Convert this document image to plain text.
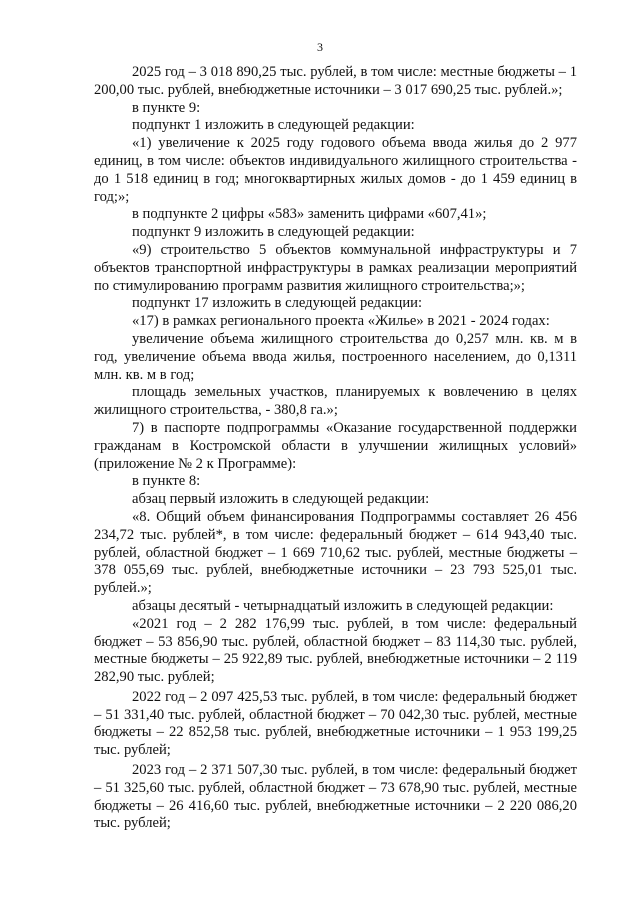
3

2025 год – 3 018 890,25 тыс. рублей, в том числе: местные бюджеты – 1 200,00 тыс. рублей, внебюджетные источники – 3 017 690,25 тыс. рублей.»;

в пункте 9:

подпункт 1 изложить в следующей редакции:

«1) увеличение к 2025 году годового объема ввода жилья до 2 977 единиц, в том числе: объектов индивидуального жилищного строительства - до 1 518 единиц в год; многоквартирных жилых домов - до 1 459 единиц в год;»;

в подпункте 2 цифры «583» заменить цифрами «607,41»;

подпункт 9 изложить в следующей редакции:

«9) строительство 5 объектов коммунальной инфраструктуры и 7 объектов транспортной инфраструктуры в рамках реализации мероприятий по стимулированию программ развития жилищного строительства;»;

подпункт 17 изложить в следующей редакции:

«17) в рамках регионального проекта «Жилье» в 2021 - 2024 годах:

увеличение объема жилищного строительства до 0,257 млн. кв. м в год, увеличение объема ввода жилья, построенного населением, до 0,1311 млн. кв. м в год;

площадь земельных участков, планируемых к вовлечению в целях жилищного строительства, - 380,8 га.»;

7) в паспорте подпрограммы «Оказание государственной поддержки гражданам в Костромской области в улучшении жилищных условий» (приложение № 2 к Программе):

в пункте 8:

абзац первый изложить в следующей редакции:

«8. Общий объем финансирования Подпрограммы составляет 26 456 234,72 тыс. рублей*, в том числе: федеральный бюджет – 614 943,40 тыс. рублей, областной бюджет – 1 669 710,62 тыс. рублей, местные бюджеты – 378 055,69 тыс. рублей, внебюджетные источники – 23 793 525,01 тыс. рублей.»;

абзацы десятый - четырнадцатый изложить в следующей редакции:

«2021 год – 2 282 176,99 тыс. рублей, в том числе: федеральный бюджет – 53 856,90 тыс. рублей, областной бюджет – 83 114,30 тыс. рублей, местные бюджеты – 25 922,89 тыс. рублей, внебюджетные источники – 2 119 282,90 тыс. рублей;

2022 год – 2 097 425,53 тыс. рублей, в том числе: федеральный бюджет – 51 331,40 тыс. рублей, областной бюджет – 70 042,30 тыс. рублей, местные бюджеты – 22 852,58 тыс. рублей, внебюджетные источники – 1 953 199,25 тыс. рублей;

2023 год – 2 371 507,30 тыс. рублей, в том числе: федеральный бюджет – 51 325,60 тыс. рублей, областной бюджет – 73 678,90 тыс. рублей, местные бюджеты – 26 416,60 тыс. рублей, внебюджетные источники – 2 220 086,20 тыс. рублей;
